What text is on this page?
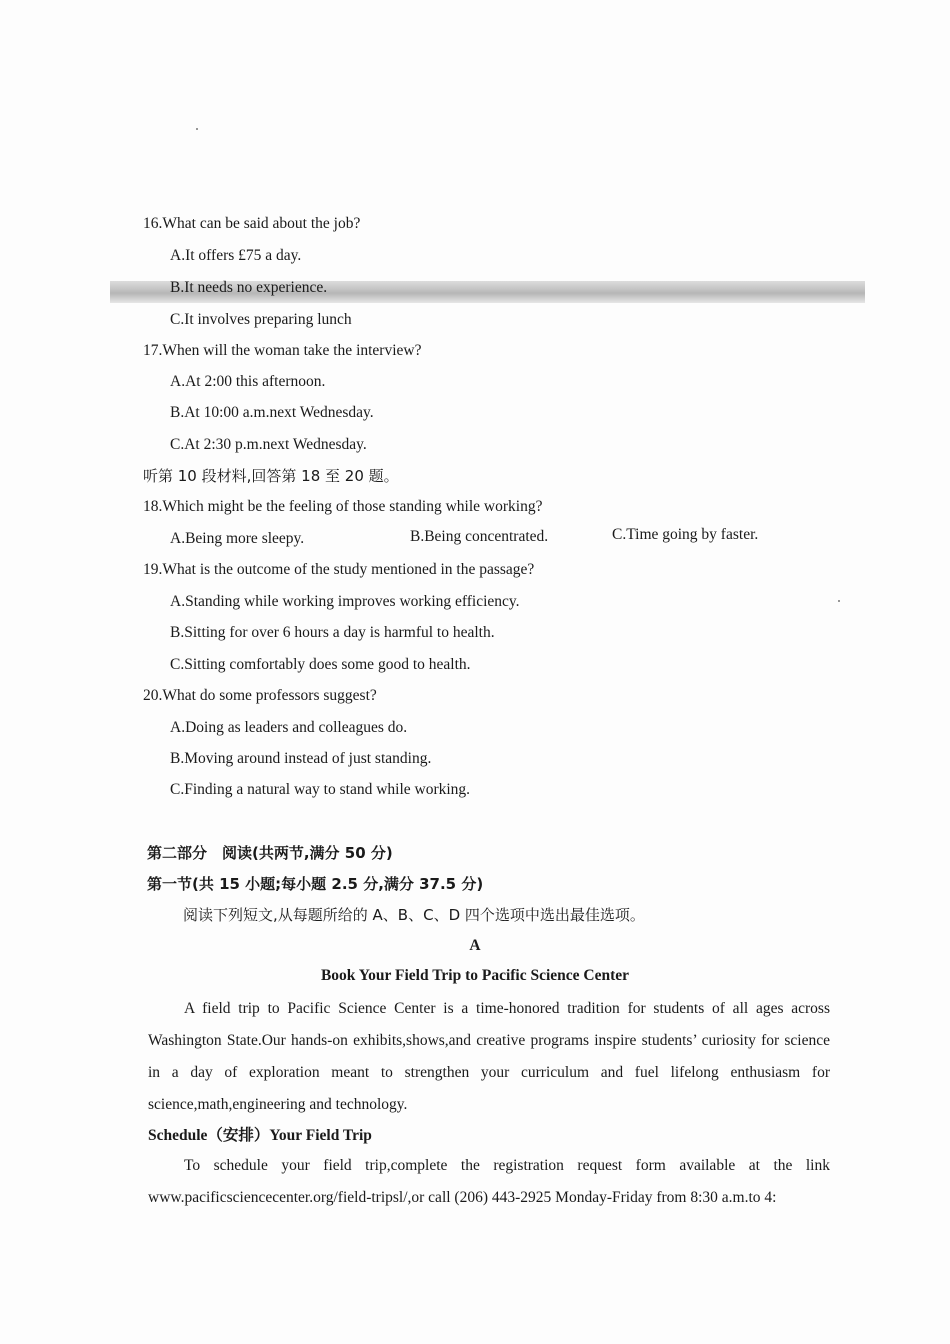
16.What can be said about the job?
A.It offers £75 a day.
B.It needs no experience.
C.It involves preparing lunch
17.When will the woman take the interview?
A.At 2:00 this afternoon.
B.At 10:00 a.m.next Wednesday.
C.At 2:30 p.m.next Wednesday.
听第 10 段材料,回答第 18 至 20 题。
18.Which might be the feeling of those standing while working?
A.Being more sleepy.	B.Being concentrated.	C.Time going by faster.
19.What is the outcome of the study mentioned in the passage?
A.Standing while working improves working efficiency.
B.Sitting for over 6 hours a day is harmful to health.
C.Sitting comfortably does some good to health.
20.What do some professors suggest?
A.Doing as leaders and colleagues do.
B.Moving around instead of just standing.
C.Finding a natural way to stand while working.
第二部分　阅读(共两节,满分 50 分)
第一节(共 15 小题;每小题 2.5 分,满分 37.5 分)
阅读下列短文,从每题所给的 A、B、C、D 四个选项中选出最佳选项。
A
Book Your Field Trip to Pacific Science Center
A field trip to Pacific Science Center is a time-honored tradition for students of all ages across Washington State.Our hands-on exhibits,shows,and creative programs inspire students’ curiosity for science in a day of exploration meant to strengthen your curriculum and fuel lifelong enthusiasm for science,math,engineering and technology.
Schedule（安排）Your Field Trip
To schedule your field trip,complete the registration request form available at the link www.pacificsciencecenter.org/field-tripsl/,or call (206) 443-2925 Monday-Friday from 8:30 a.m.to 4:
